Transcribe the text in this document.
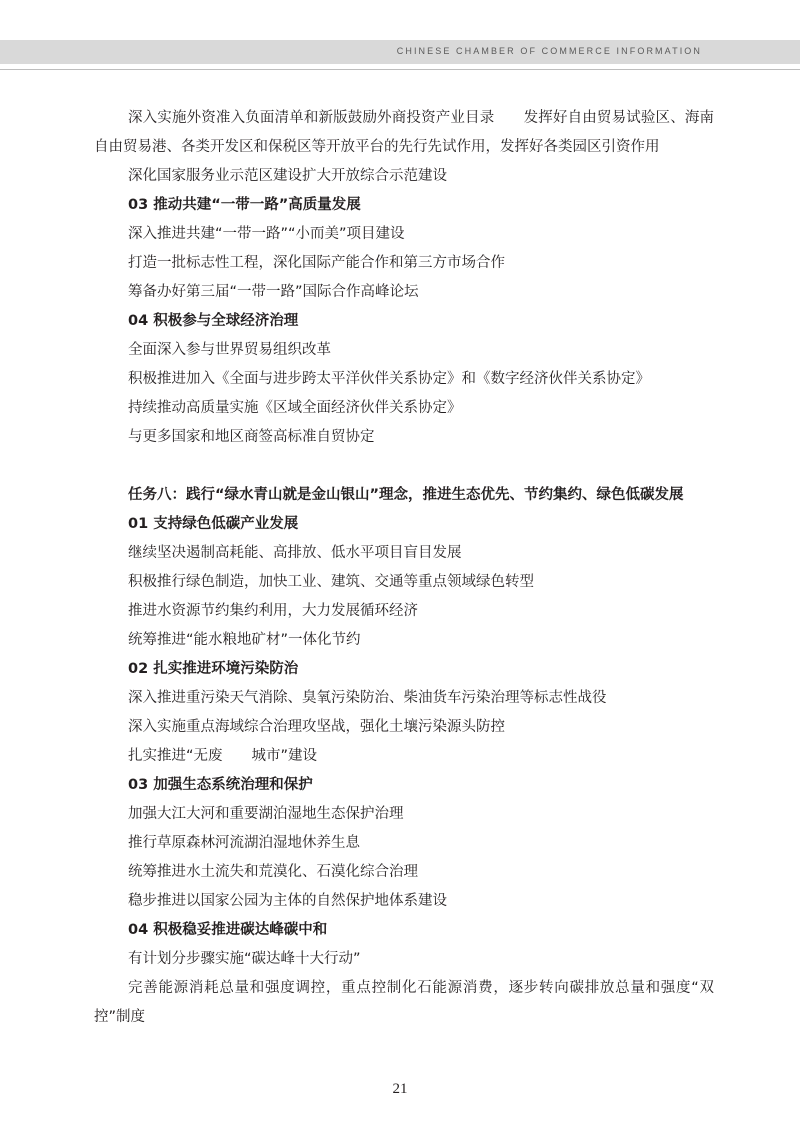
CHINESE CHAMBER OF COMMERCE INFORMATION
深入实施外资准入负面清单和新版鼓励外商投资产业目录　　发挥好自由贸易试验区、海南自由贸易港、各类开发区和保税区等开放平台的先行先试作用，发挥好各类园区引资作用
深化国家服务业示范区建设扩大开放综合示范建设
03 推动共建“一带一路”高质量发展
深入推进共建“一带一路”“小而美”项目建设
打造一批标志性工程，深化国际产能合作和第三方市场合作
筹备办好第三届“一带一路”国际合作高峰论坛
04 积极参与全球经济治理
全面深入参与世界贸易组织改革
积极推进加入《全面与进步跨太平洋伙伴关系协定》和《数字经济伙伴关系协定》
持续推动高质量实施《区域全面经济伙伴关系协定》
与更多国家和地区商签高标准自贸协定
任务八：践行“绿水青山就是金山银山”理念，推进生态优先、节约集约、绿色低碳发展
01 支持绿色低碳产业发展
继续坚决遏制高耗能、高排放、低水平项目盲目发展
积极推行绿色制造，加快工业、建筑、交通等重点领域绿色转型
推进水资源节约集约利用，大力发展循环经济
统筹推进“能水粮地矿材”一体化节约
02 扎实推进环境污染防治
深入推进重污染天气消除、臭氧污染防治、柴油货车污染治理等标志性战役
深入实施重点海域综合治理攻坚战，强化土壤污染源头防控
扎实推进“无废　　城市”建设
03 加强生态系统治理和保护
加强大江大河和重要湖泊湿地生态保护治理
推行草原森林河流湖泊湿地休养生息
统筹推进水土流失和荒漠化、石漠化综合治理
稳步推进以国家公园为主体的自然保护地体系建设
04 积极稳妥推进碳达峰碳中和
有计划分步骤实施“碳达峰十大行动”
完善能源消耗总量和强度调控，重点控制化石能源消费，逐步转向碳排放总量和强度“双控”制度
21
